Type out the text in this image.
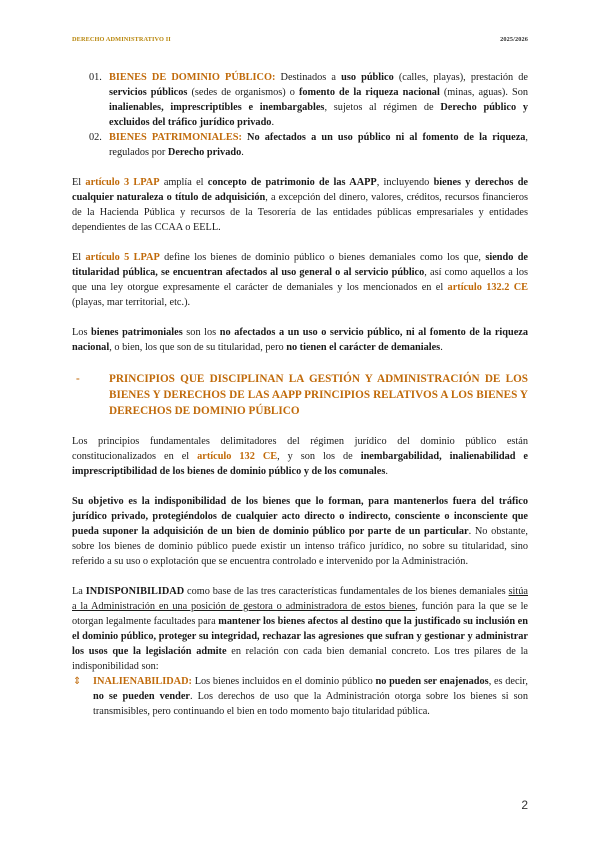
DERECHO ADMINISTRATIVO II	2025/2026

01. BIENES DE DOMINIO PÚBLICO: Destinados a uso público (calles, playas), prestación de servicios públicos (sedes de organismos) o fomento de la riqueza nacional (minas, aguas). Son inalienables, imprescriptibles e inembargables, sujetos al régimen de Derecho público y excluidos del tráfico jurídico privado.

02. BIENES PATRIMONIALES: No afectados a un uso público ni al fomento de la riqueza, regulados por Derecho privado.

El artículo 3 LPAP amplía el concepto de patrimonio de las AAPP, incluyendo bienes y derechos de cualquier naturaleza o título de adquisición, a excepción del dinero, valores, créditos, recursos financieros de la Hacienda Pública y recursos de la Tesorería de las entidades públicas empresariales y entidades dependientes de las CCAA o EELL.

El artículo 5 LPAP define los bienes de dominio público o bienes demaniales como los que, siendo de titularidad pública, se encuentran afectados al uso general o al servicio público, así como aquellos a los que una ley otorgue expresamente el carácter de demaniales y los mencionados en el artículo 132.2 CE (playas, mar territorial, etc.).

Los bienes patrimoniales son los no afectados a un uso o servicio público, ni al fomento de la riqueza nacional, o bien, los que son de su titularidad, pero no tienen el carácter de demaniales.

-	PRINCIPIOS QUE DISCIPLINAN LA GESTIÓN Y ADMINISTRACIÓN DE LOS BIENES Y DERECHOS DE LAS AAPP PRINCIPIOS RELATIVOS A LOS BIENES Y DERECHOS DE DOMINIO PÚBLICO

Los principios fundamentales delimitadores del régimen jurídico del dominio público están constitucionalizados en el artículo 132 CE, y son los de inembargabilidad, inalienabilidad e imprescriptibilidad de los bienes de dominio público y de los comunales.

Su objetivo es la indisponibilidad de los bienes que lo forman, para mantenerlos fuera del tráfico jurídico privado, protegiéndolos de cualquier acto directo o indirecto, consciente o inconsciente que pueda suponer la adquisición de un bien de dominio público por parte de un particular. No obstante, sobre los bienes de dominio público puede existir un intenso tráfico jurídico, no sobre su titularidad, sino referido a su uso o explotación que se encuentra controlado e intervenido por la Administración.

La INDISPONIBILIDAD como base de las tres características fundamentales de los bienes demaniales sitúa a la Administración en una posición de gestora o administradora de estos bienes, función para la que se le otorgan legalmente facultades para mantener los bienes afectos al destino que la justificado su inclusión en el dominio público, proteger su integridad, rechazar las agresiones que sufran y gestionar y administrar los usos que la legislación admite en relación con cada bien demanial concreto. Los tres pilares de la indisponibilidad son:

⇕ INALIENABILIDAD: Los bienes incluidos en el dominio público no pueden ser enajenados, es decir, no se pueden vender. Los derechos de uso que la Administración otorga sobre los bienes si son transmisibles, pero continuando el bien en todo momento bajo titularidad pública.

2
